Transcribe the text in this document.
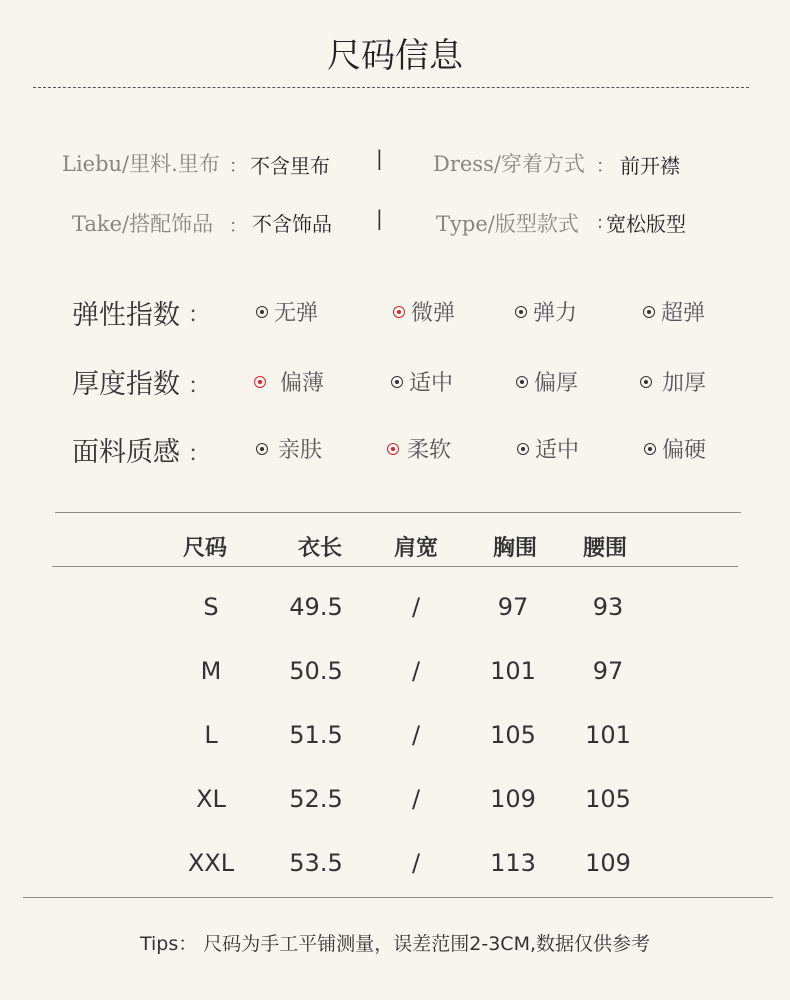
尺码信息
Liebu/里料.里布 ： 不含里布 | Dress/穿着方式 ： 前开襟
Take/搭配饰品 ： 不含饰品 |	Type/版型款式 : 宽松版型
弹性指数 ：	无弹	微弹	弹力	超弹
厚度指数 ：	偏薄	适中	偏厚	加厚
面料质感 ：	亲肤	柔软	适中	偏硬
尺码	衣长	肩宽	胸围	腰围
S	49.5	/	97	93
M	50.5	/	101	97
L	51.5	/	105	101
XL	52.5	/	109	105
XXL	53.5	/	113	109
Tips： 尺码为手工平铺测量，误差范围2-3CM,数据仅供参考
